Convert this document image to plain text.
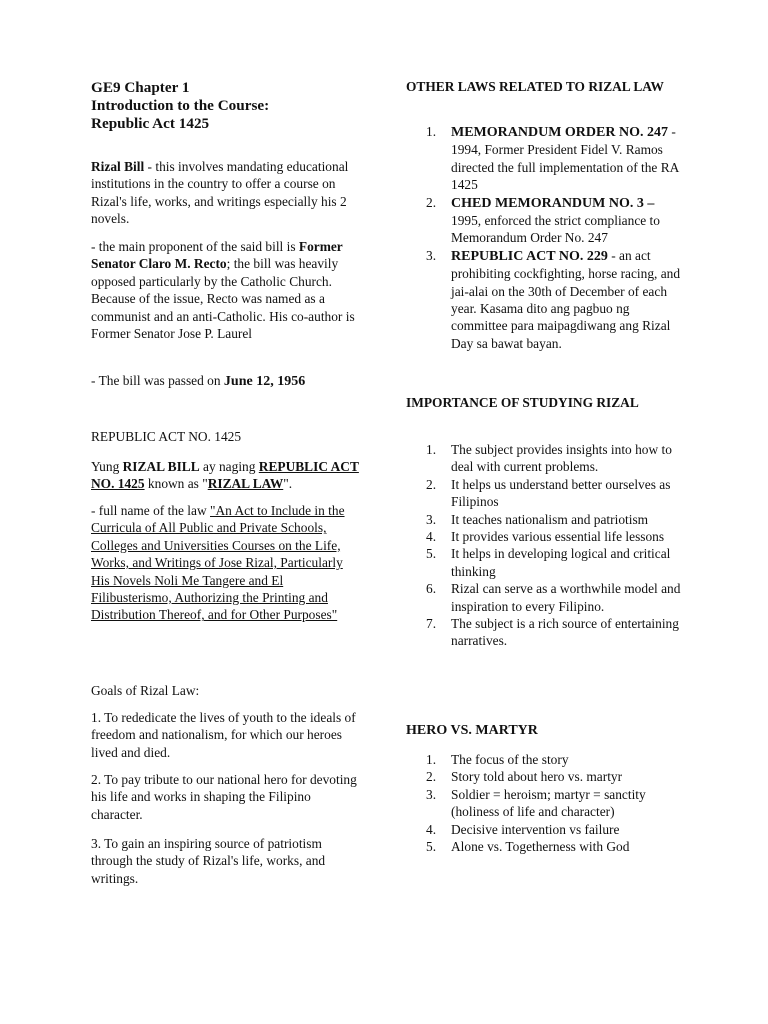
GE9 Chapter 1
Introduction to the Course:
Republic Act 1425

Rizal Bill - this involves mandating educational institutions in the country to offer a course on Rizal's life, works, and writings especially his 2 novels.

- the main proponent of the said bill is Former Senator Claro M. Recto; the bill was heavily opposed particularly by the Catholic Church. Because of the issue, Recto was named as a communist and an anti-Catholic. His co-author is Former Senator Jose P. Laurel

- The bill was passed on June 12, 1956

REPUBLIC ACT NO. 1425

Yung RIZAL BILL ay naging REPUBLIC ACT NO. 1425 known as "RIZAL LAW".

- full name of the law "An Act to Include in the Curricula of All Public and Private Schools, Colleges and Universities Courses on the Life, Works, and Writings of Jose Rizal, Particularly His Novels Noli Me Tangere and El Filibusterismo, Authorizing the Printing and Distribution Thereof, and for Other Purposes"

Goals of Rizal Law:

1. To rededicate the lives of youth to the ideals of freedom and nationalism, for which our heroes lived and died.

2. To pay tribute to our national hero for devoting his life and works in shaping the Filipino character.

3. To gain an inspiring source of patriotism through the study of Rizal's life, works, and writings.

OTHER LAWS RELATED TO RIZAL LAW

1. MEMORANDUM ORDER NO. 247 - 1994, Former President Fidel V. Ramos directed the full implementation of the RA 1425
2. CHED MEMORANDUM NO. 3 – 1995, enforced the strict compliance to Memorandum Order No. 247
3. REPUBLIC ACT NO. 229 - an act prohibiting cockfighting, horse racing, and jai-alai on the 30th of December of each year. Kasama dito ang pagbuo ng committee para maipagdiwang ang Rizal Day sa bawat bayan.

IMPORTANCE OF STUDYING RIZAL

1. The subject provides insights into how to deal with current problems.
2. It helps us understand better ourselves as Filipinos
3. It teaches nationalism and patriotism
4. It provides various essential life lessons
5. It helps in developing logical and critical thinking
6. Rizal can serve as a worthwhile model and inspiration to every Filipino.
7. The subject is a rich source of entertaining narratives.

HERO VS. MARTYR

1. The focus of the story
2. Story told about hero vs. martyr
3. Soldier = heroism; martyr = sanctity (holiness of life and character)
4. Decisive intervention vs failure
5. Alone vs. Togetherness with God
